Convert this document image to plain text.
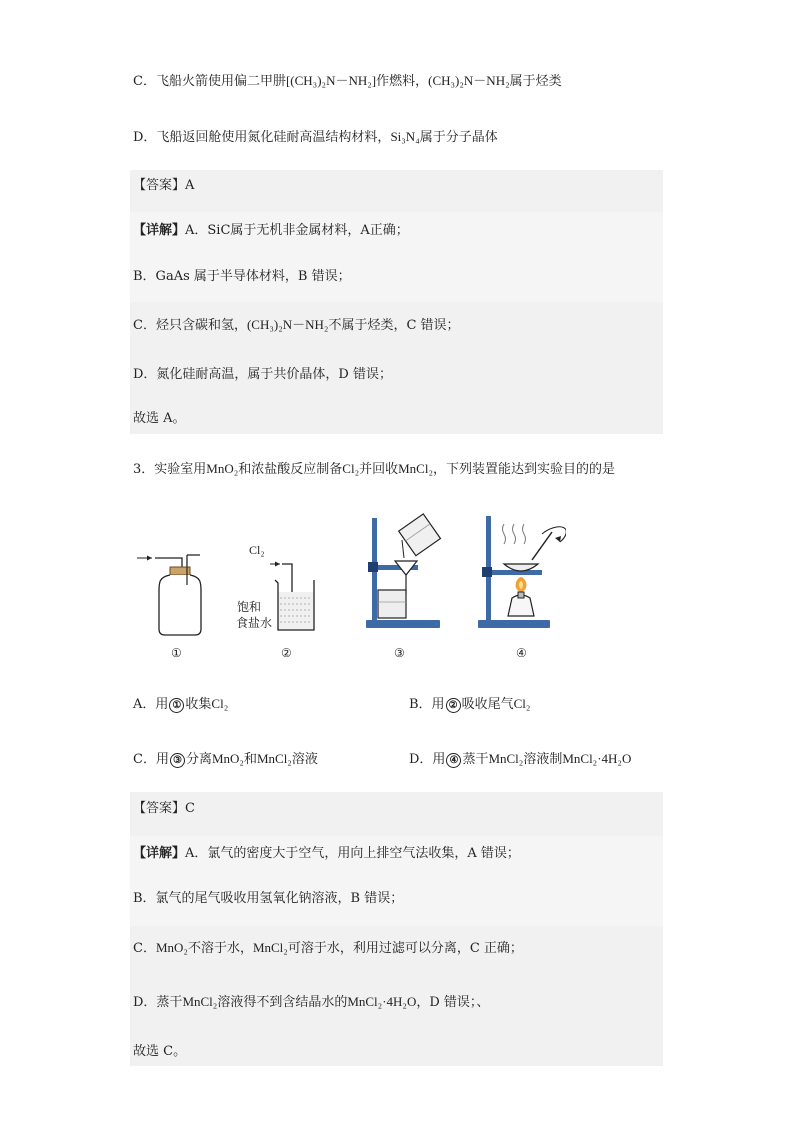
C．飞船火箭使用偏二甲肼[(CH₃)₂N－NH₂]作燃料，(CH₃)₂N－NH₂属于烃类
D．飞船返回舱使用氮化硅耐高温结构材料，Si₃N₄属于分子晶体
【答案】A
【详解】A．SiC属于无机非金属材料，A正确；
B．GaAs 属于半导体材料，B 错误；
C．烃只含碳和氢，(CH₃)₂N－NH₂不属于烃类，C 错误；
D．氮化硅耐高温，属于共价晶体，D 错误；
故选 A。
3．实验室用MnO₂和浓盐酸反应制备Cl₂并回收MnCl₂，下列装置能达到实验目的的是
Cl₂
饱和
食盐水
①	②	③	④
A．用 ① 收集Cl₂	B．用 ② 吸收尾气Cl₂
C．用 ③ 分离MnO₂和MnCl₂溶液	D．用 ④ 蒸干MnCl₂溶液制MnCl₂·4H₂O
【答案】C
【详解】A．氯气的密度大于空气，用向上排空气法收集，A 错误；
B．氯气的尾气吸收用氢氧化钠溶液，B 错误；
C．MnO₂不溶于水，MnCl₂可溶于水，利用过滤可以分离，C 正确；
D．蒸干MnCl₂溶液得不到含结晶水的MnCl₂·4H₂O，D 错误；、
故选 C。
